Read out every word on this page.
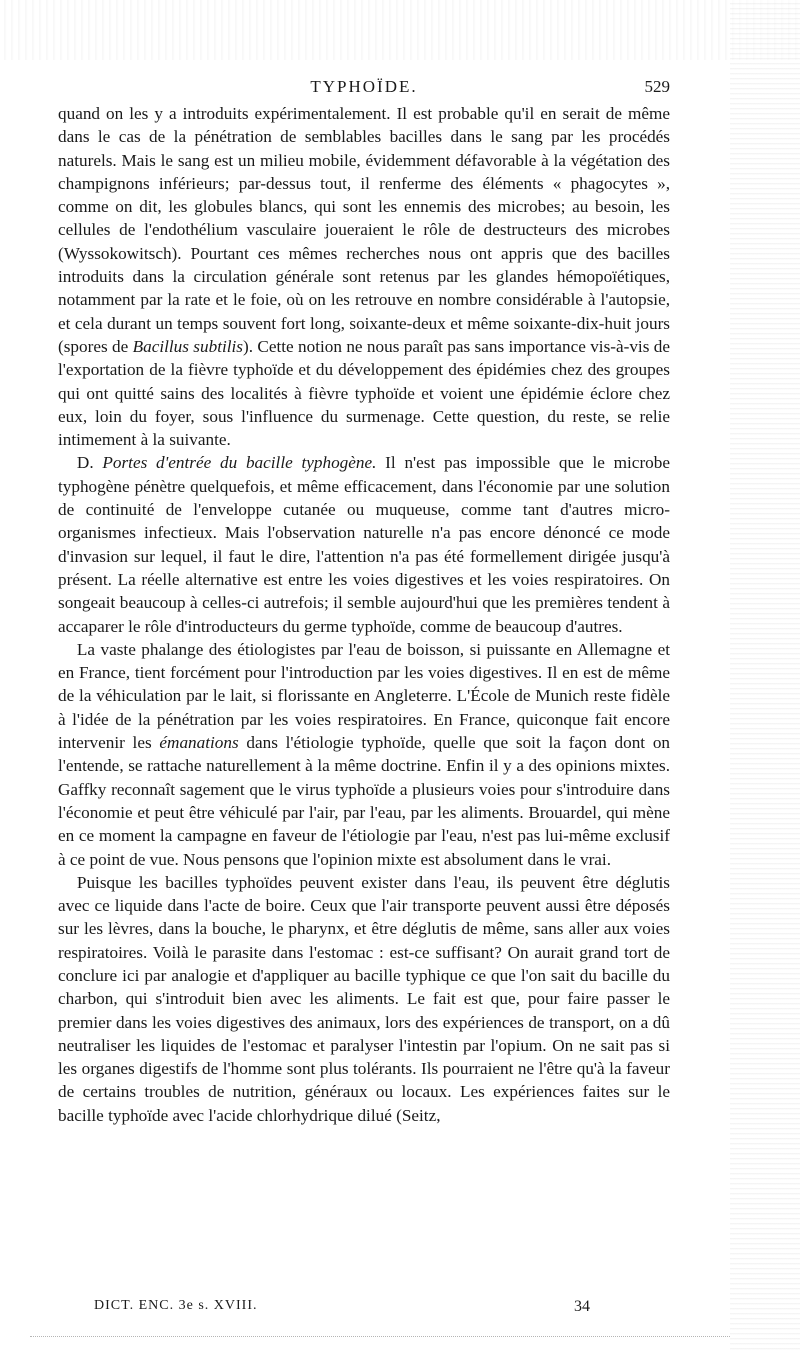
TYPHOÏDE.	529

quand on les y a introduits expérimentalement. Il est probable qu'il en serait de même dans le cas de la pénétration de semblables bacilles dans le sang par les procédés naturels. Mais le sang est un milieu mobile, évidemment défavorable à la végétation des champignons inférieurs; par-dessus tout, il renferme des éléments « phagocytes », comme on dit, les globules blancs, qui sont les ennemis des microbes; au besoin, les cellules de l'endothélium vasculaire joueraient le rôle de destructeurs des microbes (Wyssokowitsch). Pourtant ces mêmes recherches nous ont appris que des bacilles introduits dans la circulation générale sont retenus par les glandes hémopoïétiques, notamment par la rate et le foie, où on les retrouve en nombre considérable à l'autopsie, et cela durant un temps souvent fort long, soixante-deux et même soixante-dix-huit jours (spores de Bacillus subtilis). Cette notion ne nous paraît pas sans importance vis-à-vis de l'exportation de la fièvre typhoïde et du développement des épidémies chez des groupes qui ont quitté sains des localités à fièvre typhoïde et voient une épidémie éclore chez eux, loin du foyer, sous l'influence du surmenage. Cette question, du reste, se relie intimement à la suivante.

D. Portes d'entrée du bacille typhogène. Il n'est pas impossible que le microbe typhogène pénètre quelquefois, et même efficacement, dans l'économie par une solution de continuité de l'enveloppe cutanée ou muqueuse, comme tant d'autres micro-organismes infectieux. Mais l'observation naturelle n'a pas encore dénoncé ce mode d'invasion sur lequel, il faut le dire, l'attention n'a pas été formellement dirigée jusqu'à présent. La réelle alternative est entre les voies digestives et les voies respiratoires. On songeait beaucoup à celles-ci autrefois; il semble aujourd'hui que les premières tendent à accaparer le rôle d'introducteurs du germe typhoïde, comme de beaucoup d'autres.

La vaste phalange des étiologistes par l'eau de boisson, si puissante en Allemagne et en France, tient forcément pour l'introduction par les voies digestives. Il en est de même de la véhiculation par le lait, si florissante en Angleterre. L'École de Munich reste fidèle à l'idée de la pénétration par les voies respiratoires. En France, quiconque fait encore intervenir les émanations dans l'étiologie typhoïde, quelle que soit la façon dont on l'entende, se rattache naturellement à la même doctrine. Enfin il y a des opinions mixtes. Gaffky reconnaît sagement que le virus typhoïde a plusieurs voies pour s'introduire dans l'économie et peut être véhiculé par l'air, par l'eau, par les aliments. Brouardel, qui mène en ce moment la campagne en faveur de l'étiologie par l'eau, n'est pas lui-même exclusif à ce point de vue. Nous pensons que l'opinion mixte est absolument dans le vrai.

Puisque les bacilles typhoïdes peuvent exister dans l'eau, ils peuvent être déglutis avec ce liquide dans l'acte de boire. Ceux que l'air transporte peuvent aussi être déposés sur les lèvres, dans la bouche, le pharynx, et être déglutis de même, sans aller aux voies respiratoires. Voilà le parasite dans l'estomac : est-ce suffisant? On aurait grand tort de conclure ici par analogie et d'appliquer au bacille typhique ce que l'on sait du bacille du charbon, qui s'introduit bien avec les aliments. Le fait est que, pour faire passer le premier dans les voies digestives des animaux, lors des expériences de transport, on a dû neutraliser les liquides de l'estomac et paralyser l'intestin par l'opium. On ne sait pas si les organes digestifs de l'homme sont plus tolérants. Ils pourraient ne l'être qu'à la faveur de certains troubles de nutrition, généraux ou locaux. Les expériences faites sur le bacille typhoïde avec l'acide chlorhydrique dilué (Seitz,

DICT. ENC. 3e s. XVIII.	34
